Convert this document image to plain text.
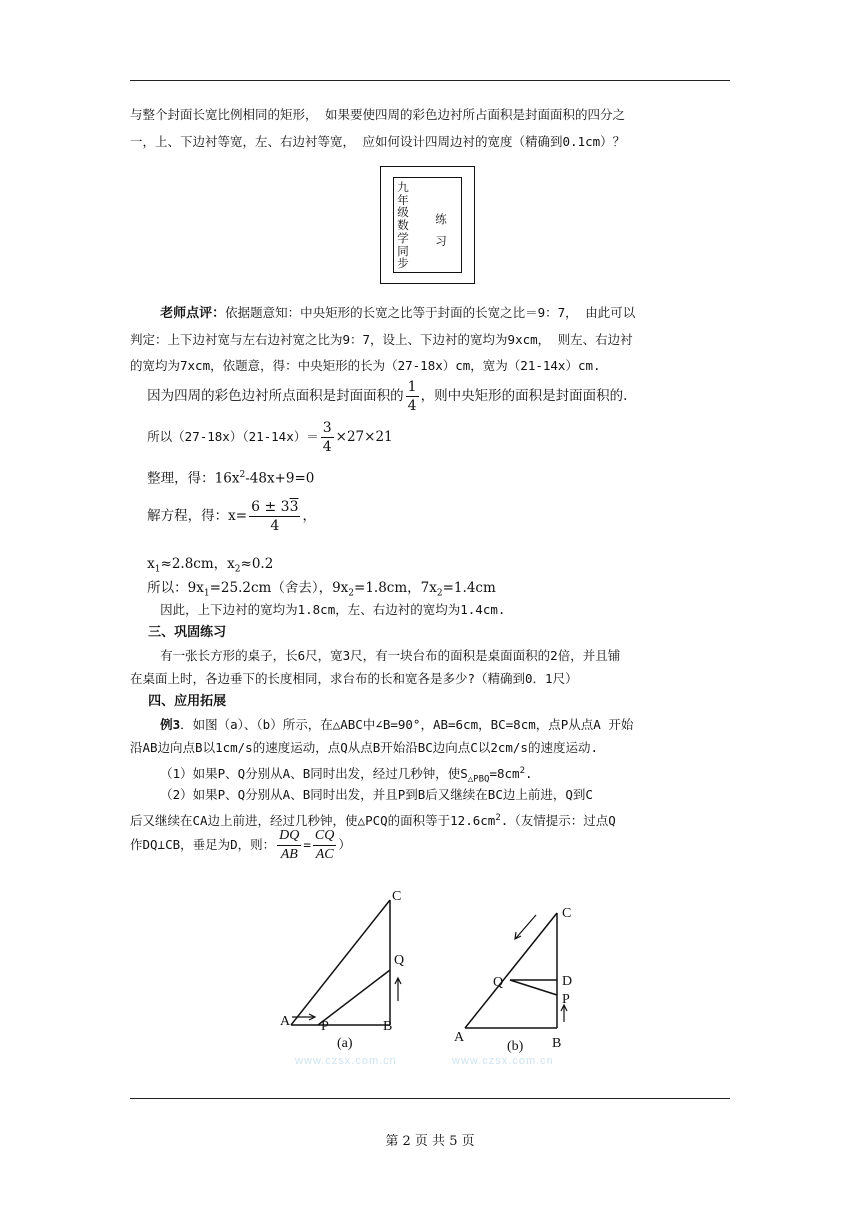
与整个封面长宽比例相同的矩形， 如果要使四周的彩色边衬所占面积是封面面积的四分之
一，上、下边衬等宽，左、右边衬等宽， 应如何设计四周边衬的宽度（精确到0.1cm）？
九年级数学同步
练习
老师点评：依据题意知：中央矩形的长宽之比等于封面的长宽之比＝9：7， 由此可以
判定：上下边衬宽与左右边衬宽之比为9：7，设上、下边衬的宽均为9xcm， 则左、右边衬
的宽均为7xcm，依题意，得：中央矩形的长为（27-18x）cm，宽为（21-14x）cm.
因为四周的彩色边衬所点面积是封面面积的 $\frac{1}{4}$ ，则中央矩形的面积是封面面积的.
所以$(27-18x)(21-14x)= \frac{3}{4} \times 27\times 21$
整理，得：$16x^2-48x+9=0$
解方程，得：$x= \frac{6 \pm 33}{4}$ ，
$x_1\approx 2.8cm$，$x_2\approx 0.2$
所以：$9x_1=25.2cm$（舍去），$9x_2=1.8cm$，$7x_2=1.4cm$
因此，上下边衬的宽均为1.8cm，左、右边衬的宽均为1.4cm.
三、巩固练习
有一张长方形的桌子，长6尺，宽3尺，有一块台布的面积是桌面面积的2倍，并且铺
在桌面上时，各边垂下的长度相同，求台布的长和宽各是多少?（精确到0．1尺）
四、应用拓展
例3．如图（a）、（b）所示，在△ABC中∠B=90°，AB=6cm，BC=8cm，点P从点A 开始
沿AB边向点B以1cm/s的速度运动，点Q从点B开始沿BC边向点C以2cm/s的速度运动.
（1）如果P、Q分别从A、B同时出发，经过几秒钟，使$S_{\triangle PBQ}=8cm^2$.
（2）如果P、Q分别从A、B同时出发，并且P到B后又继续在BC边上前进，Q到C
后又继续在CA边上前进，经过几秒钟，使△PCQ的面积等于$12.6cm^2$.（友情提示：过点Q
作DQ⊥CB，垂足为D，则： $\frac{DQ}{AB} = \frac{CQ}{AC}$ ）
C
Q
A P	B
(a)
C
Q	D
P
A	B
(b)
www.czsx.com.cn	www.czsx.com.cn
第 2 页 共 5 页
